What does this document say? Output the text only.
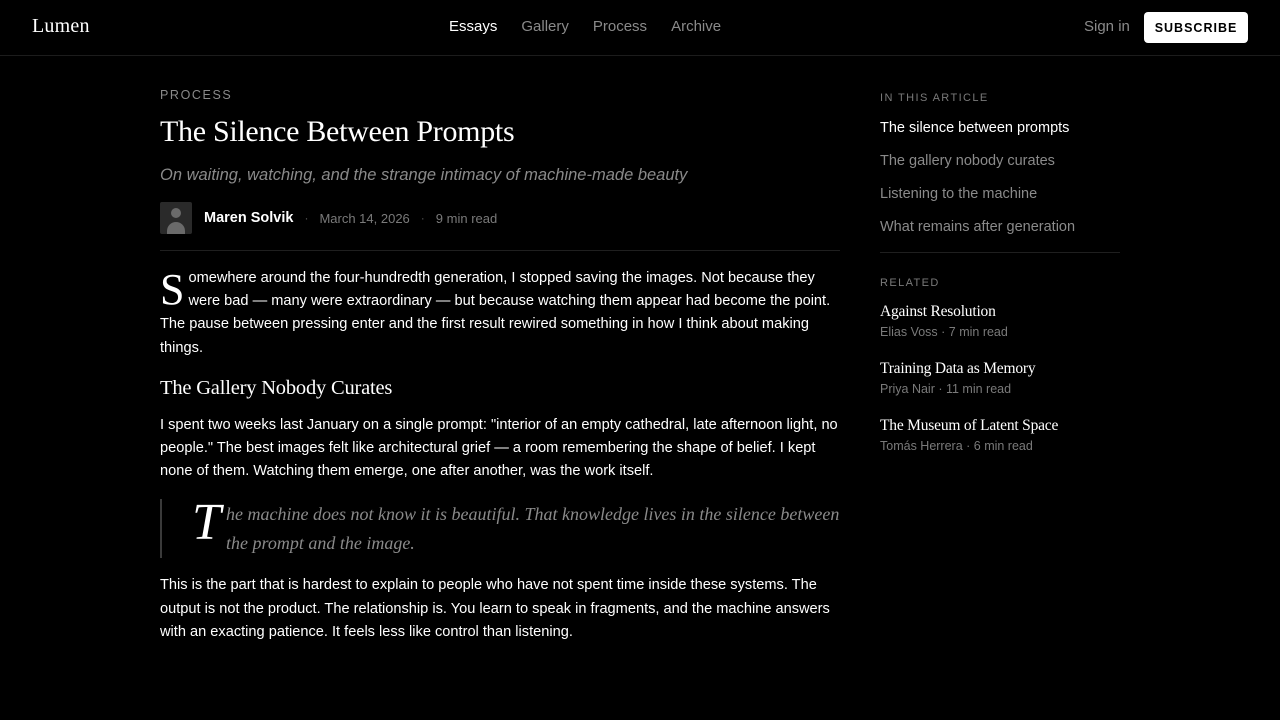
Lumen	Essays Gallery Process Archive	Sign in	SUBSCRIBE
PROCESS
The Silence Between Prompts
On waiting, watching, and the strange intimacy of machine-made beauty
Maren Solvik · March 14, 2026 · 9 min read

Somewhere around the four-hundredth generation, I stopped saving the images. Not because they were bad — many were extraordinary — but because watching them appear had become the point. The pause between pressing enter and the first result rewired something in how I think about making things.

The Gallery Nobody Curates

I spent two weeks last January on a single prompt: "interior of an empty cathedral, late afternoon light, no people." The best images felt like architectural grief — a room remembering the shape of belief. I kept none of them. Watching them emerge, one after another, was the work itself.

T he machine does not know it is beautiful. That knowledge lives in the silence between the prompt and the image.

This is the part that is hardest to explain to people who have not spent time inside these systems. The output is not the product. The relationship is. You learn to speak in fragments, and the machine answers with an exacting patience. It feels less like control than listening.

IN THIS ARTICLE
The silence between prompts
The gallery nobody curates
Listening to the machine
What remains after generation
RELATED
Against Resolution
Elias Voss · 7 min read
Training Data as Memory
Priya Nair · 11 min read
The Museum of Latent Space
Tomás Herrera · 6 min read
